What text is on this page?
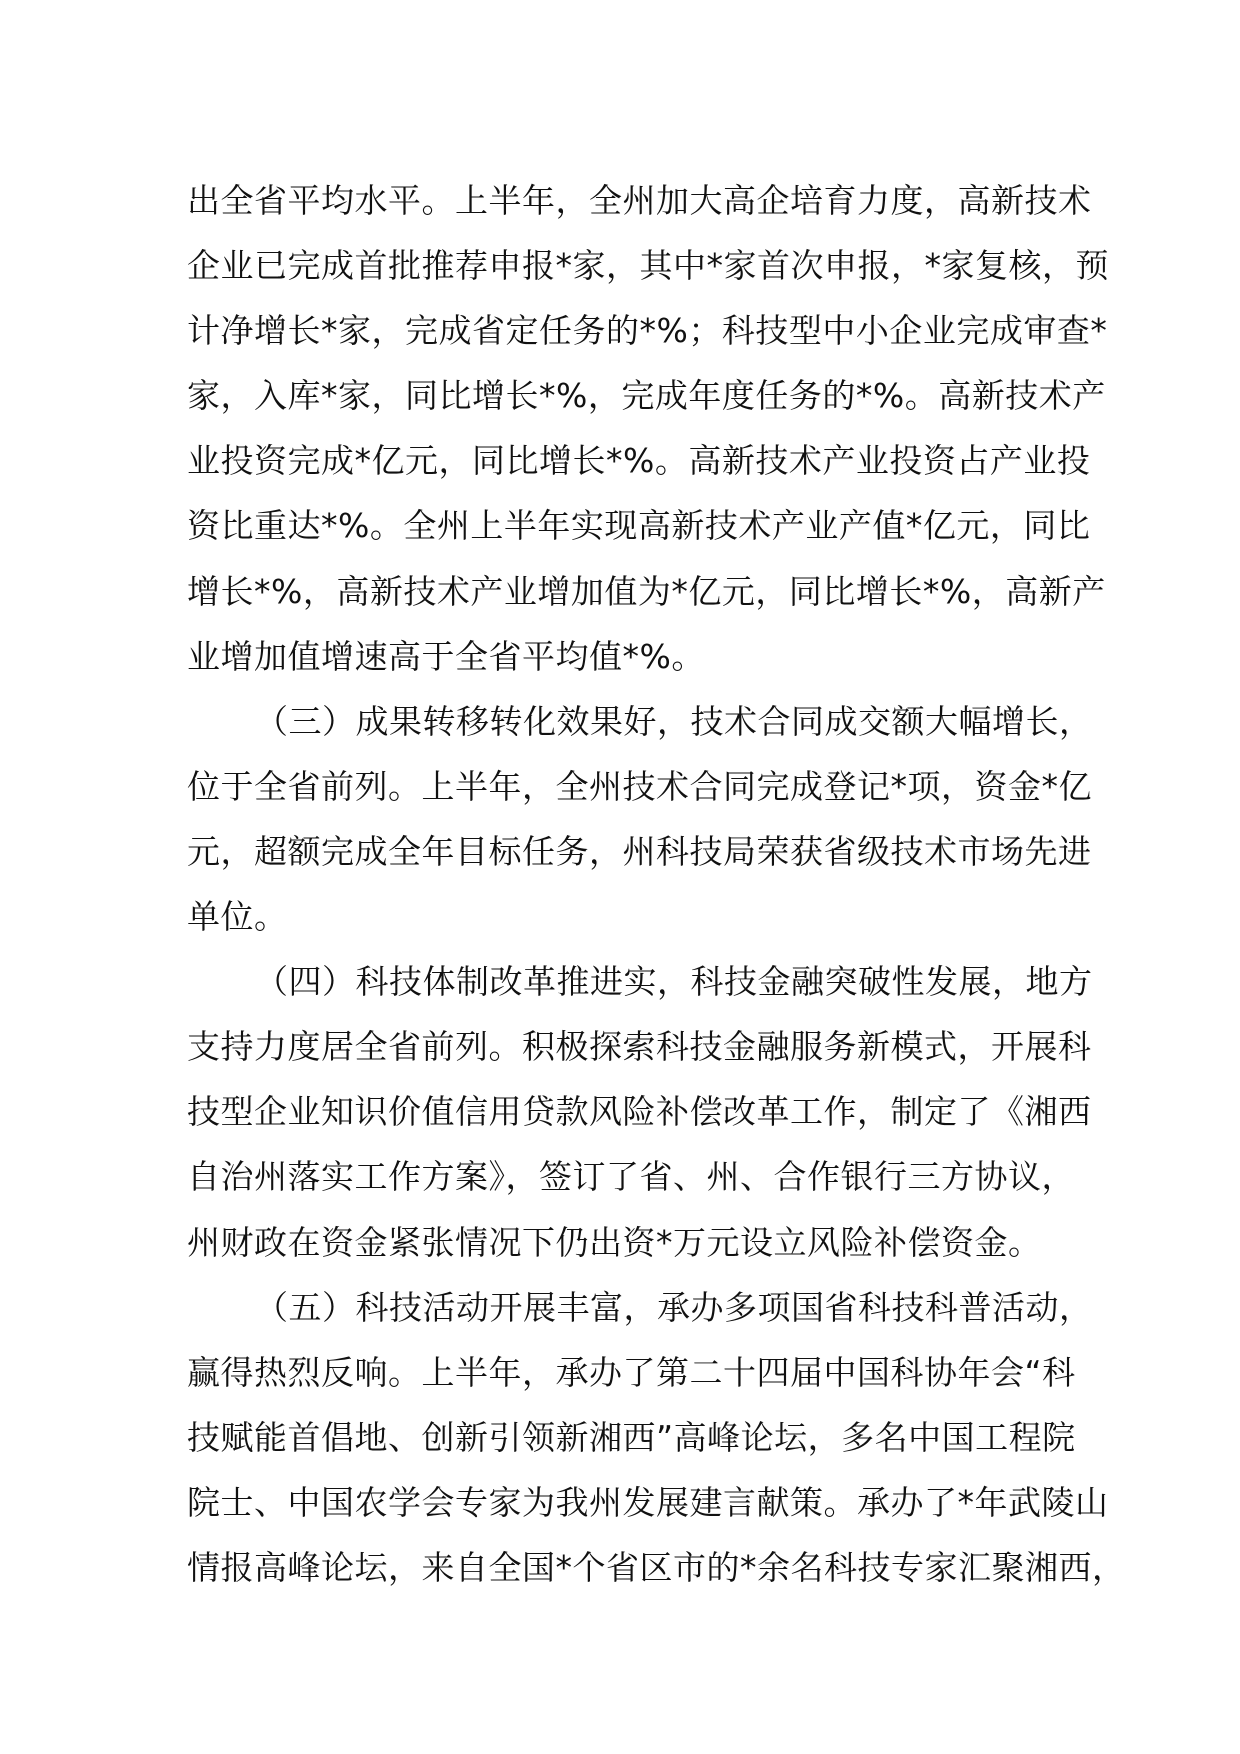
出全省平均水平。上半年，全州加大高企培育力度，高新技术
企业已完成首批推荐申报*家，其中*家首次申报，*家复核，预
计净增长*家，完成省定任务的*%；科技型中小企业完成审查*
家，入库*家，同比增长*%，完成年度任务的*%。高新技术产
业投资完成*亿元，同比增长*%。高新技术产业投资占产业投
资比重达*%。全州上半年实现高新技术产业产值*亿元，同比
增长*%，高新技术产业增加值为*亿元，同比增长*%，高新产
业增加值增速高于全省平均值*%。
（三）成果转移转化效果好，技术合同成交额大幅增长，
位于全省前列。上半年，全州技术合同完成登记*项，资金*亿
元，超额完成全年目标任务，州科技局荣获省级技术市场先进
单位。
（四）科技体制改革推进实，科技金融突破性发展，地方
支持力度居全省前列。积极探索科技金融服务新模式，开展科
技型企业知识价值信用贷款风险补偿改革工作，制定了《湘西
自治州落实工作方案》，签订了省、州、合作银行三方协议，
州财政在资金紧张情况下仍出资*万元设立风险补偿资金。
（五）科技活动开展丰富，承办多项国省科技科普活动，
赢得热烈反响。上半年，承办了第二十四届中国科协年会“科
技赋能首倡地、创新引领新湘西”高峰论坛，多名中国工程院
院士、中国农学会专家为我州发展建言献策。承办了*年武陵山
情报高峰论坛，来自全国*个省区市的*余名科技专家汇聚湘西，
